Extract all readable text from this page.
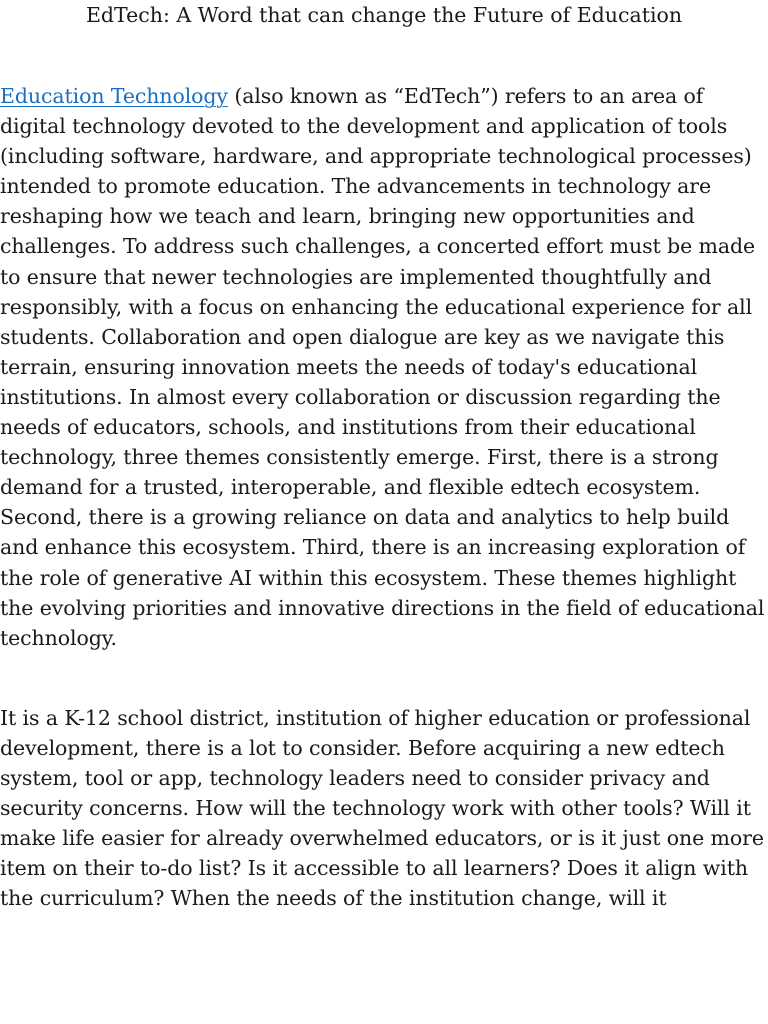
EdTech: A Word that can change the Future of Education

Education Technology (also known as “EdTech”) refers to an area of digital technology devoted to the development and application of tools (including software, hardware, and appropriate technological processes) intended to promote education. The advancements in technology are reshaping how we teach and learn, bringing new opportunities and challenges. To address such challenges, a concerted effort must be made to ensure that newer technologies are implemented thoughtfully and responsibly, with a focus on enhancing the educational experience for all students. Collaboration and open dialogue are key as we navigate this terrain, ensuring innovation meets the needs of today's educational institutions. In almost every collaboration or discussion regarding the needs of educators, schools, and institutions from their educational technology, three themes consistently emerge. First, there is a strong demand for a trusted, interoperable, and flexible edtech ecosystem. Second, there is a growing reliance on data and analytics to help build and enhance this ecosystem. Third, there is an increasing exploration of the role of generative AI within this ecosystem. These themes highlight the evolving priorities and innovative directions in the field of educational technology.

It is a K-12 school district, institution of higher education or professional development, there is a lot to consider. Before acquiring a new edtech system, tool or app, technology leaders need to consider privacy and security concerns. How will the technology work with other tools? Will it make life easier for already overwhelmed educators, or is it just one more item on their to-do list? Is it accessible to all learners? Does it align with the curriculum? When the needs of the institution change, will it
